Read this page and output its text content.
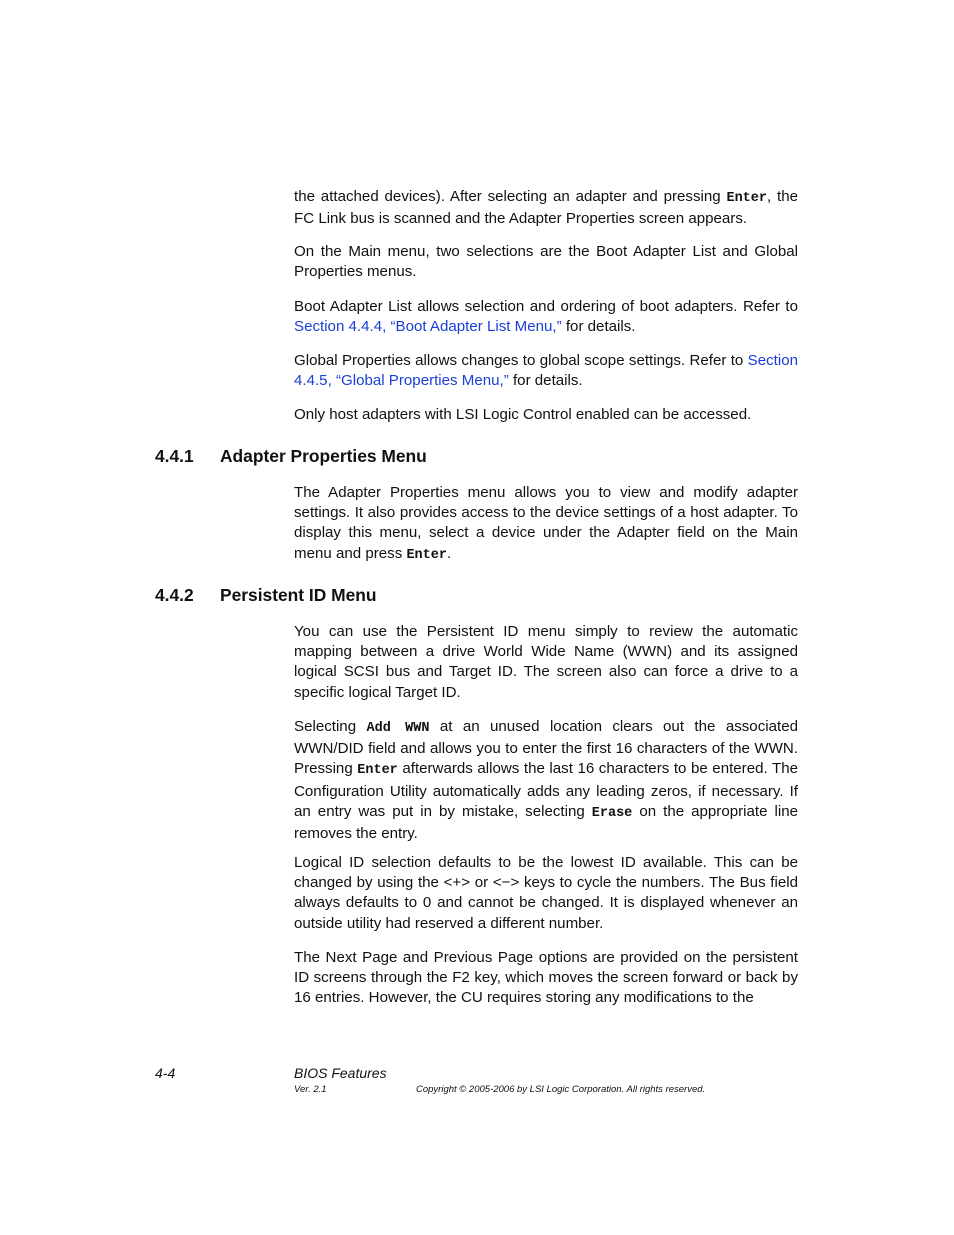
the attached devices). After selecting an adapter and pressing Enter, the FC Link bus is scanned and the Adapter Properties screen appears.

On the Main menu, two selections are the Boot Adapter List and Global Properties menus.

Boot Adapter List allows selection and ordering of boot adapters. Refer to Section 4.4.4, “Boot Adapter List Menu,” for details.

Global Properties allows changes to global scope settings. Refer to Section 4.4.5, “Global Properties Menu,” for details.

Only host adapters with LSI Logic Control enabled can be accessed.

4.4.1 Adapter Properties Menu

The Adapter Properties menu allows you to view and modify adapter settings. It also provides access to the device settings of a host adapter. To display this menu, select a device under the Adapter field on the Main menu and press Enter.

4.4.2 Persistent ID Menu

You can use the Persistent ID menu simply to review the automatic mapping between a drive World Wide Name (WWN) and its assigned logical SCSI bus and Target ID. The screen also can force a drive to a specific logical Target ID.

Selecting Add WWN at an unused location clears out the associated WWN/DID field and allows you to enter the first 16 characters of the WWN. Pressing Enter afterwards allows the last 16 characters to be entered. The Configuration Utility automatically adds any leading zeros, if necessary. If an entry was put in by mistake, selecting Erase on the appropriate line removes the entry.

Logical ID selection defaults to be the lowest ID available. This can be changed by using the <+> or <−> keys to cycle the numbers. The Bus field always defaults to 0 and cannot be changed. It is displayed whenever an outside utility had reserved a different number.

The Next Page and Previous Page options are provided on the persistent ID screens through the F2 key, which moves the screen forward or back by 16 entries. However, the CU requires storing any modifications to the

4-4	BIOS Features
Ver. 2.1	Copyright © 2005-2006 by LSI Logic Corporation. All rights reserved.
